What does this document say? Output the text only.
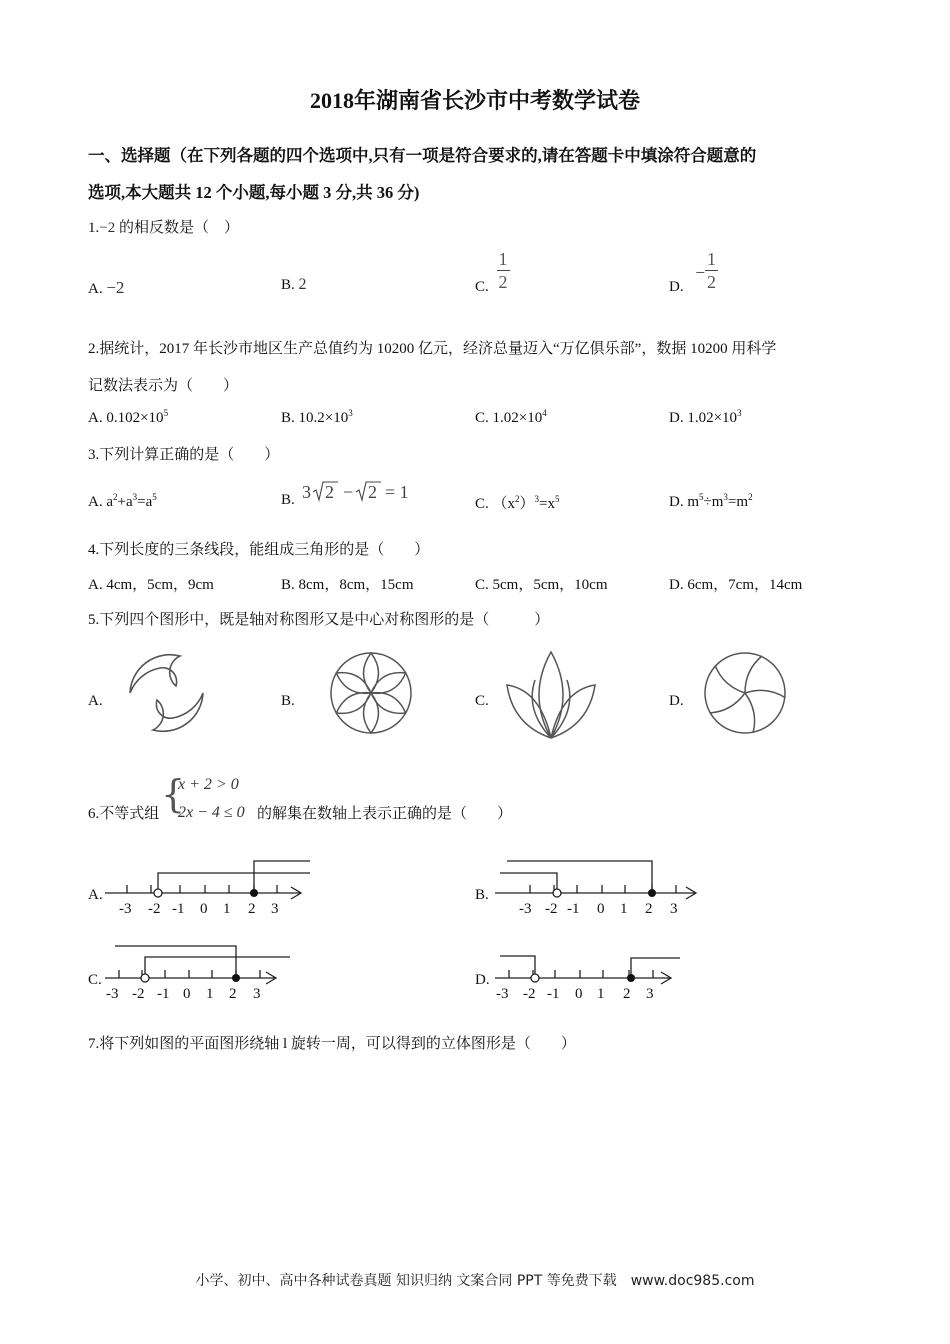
2018年湖南省长沙市中考数学试卷
一、选择题（在下列各题的四个选项中,只有一项是符合要求的,请在答题卡中填涂符合题意的
选项,本大题共 12 个小题,每小题 3 分,共 36 分)
1.−2 的相反数是（　）
A. −2	B. 2	C. $\frac{1}{2}$	D. − $\frac{1}{2}$
2.据统计，2017 年长沙市地区生产总值约为 10200 亿元，经济总量迈入“万亿俱乐部”，数据 10200 用科学
记数法表示为（　　）
A. $0.102\times 10^5$	B. $10.2\times 10^3$	C. $1.02\times 10^4$	D. $1.02\times 10^3$
3.下列计算正确的是（　　）
A. $a^2+a^3=a^5$	B. 3 2 − 2 = 1
C. $(x^2)^3=x^5$	D. $m^5\div m^3=m^2$
4.下列长度的三条线段，能组成三角形的是（　　）
A. 4cm，5cm，9cm	B. 8cm，8cm，15cm	C. 5cm，5cm，10cm	D. 6cm，7cm，14cm
5.下列四个图形中，既是轴对称图形又是中心对称图形的是（　　　）
A.	B.	C.	D.
6.不等式组 {
x + 2 > 0
2x − 4 ≤ 0 的解集在数轴上表示正确的是（　　）
A.	B.
C.	D.
-3 -2 -1 0 1 2 3	-3 -2 -1 0 1 2 3
-3 -2 -1 0 1 2 3	-3 -2 -1 0 1 2 3
7.将下列如图的平面图形绕轴 l 旋转一周，可以得到的立体图形是（　　）
小学、初中、高中各种试卷真题 知识归纳 文案合同 PPT 等免费下载　www.doc985.com
